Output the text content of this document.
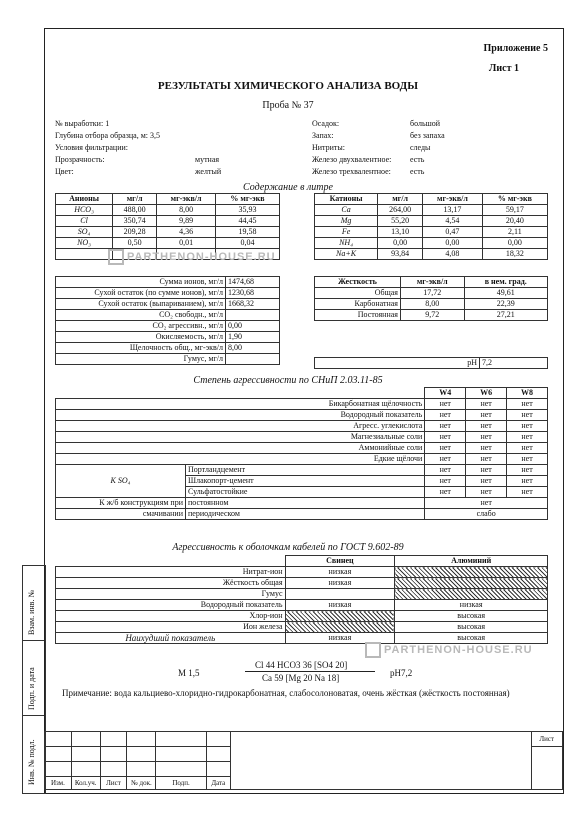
Взам. инв. №
Подп. и дата
Инв. № подл.
Приложение 5
Лист 1
РЕЗУЛЬТАТЫ ХИМИЧЕСКОГО АНАЛИЗА ВОДЫ
Проба № 37
№ выработки: 1
Глубина отбора образца, м: 3,5
Условия фильтрации:
Прозрачность:	мутная
Цвет:	желтый
Осадок:	большой
Запах:	без запаха
Нитриты:	следы
Железо двухвалентное: есть
Железо трехвалентное: есть
Содержание в литре
Анионы	мг/л	мг-экв/л	% мг-экв
HCO₃	488,00	8,00	35,93
Cl	350,74	9,89	44,45
SO₄	209,28	4,36	19,58
NO₃	0,50	0,01	0,04

Катионы	мг/л	мг-экв/л	% мг-экв
Ca	264,00	13,17	59,17
Mg	55,20	4,54	20,40
Fe	13,10	0,47	2,11
NH₄	0,00	0,00	0,00
Na+K	93,84	4,08	18,32
Сумма ионов, мг/л	1474,68
Сухой остаток (по сумме ионов), мг/л	1230,68
Сухой остаток (выпариванием), мг/л	1668,32
CO₂ свободн., мг/л	
CO₂ агрессивн., мг/л	0,00
Окисляемость, мг/л	1,90
Щелочность общ., мг-экв/л	8,00
Гумус, мг/л	
Жесткость	мг-экв/л	в нем. град.
Общая	17,72	49,61
Карбонатная	8,00	22,39
Постоянная	9,72	27,21
pH	7,2
Степень агрессивности по СНиП 2.03.11-85
		W4	W6	W8
Бикарбонатная щёлочность		нет	нет	нет
Водородный показатель		нет	нет	нет
Агресс. углекислота		нет	нет	нет
Магнезиальные соли		нет	нет	нет
Аммонийные соли		нет	нет	нет
Едкие щёлочи		нет	нет	нет
K SO₄	Портландцемент	нет	нет	нет
	Шлакопорт-цемент	нет	нет	нет
	Сульфатостойкие	нет	нет	нет
К ж/б конструкциям при	постоянном	нет		
смачивании	периодическом	слабо		
Агрессивность к оболочкам кабелей по ГОСТ 9.602-89
	Свинец	Алюминий
Нитрат-ион	низкая	
Жёсткость общая	низкая	
Гумус		
Водородный показатель	низкая	низкая
Хлор-ион		высокая
Ион железа		высокая
Наихудший показатель	низкая	высокая
M 1,5
Cl 44 HCO3 36 [SO4 20]
Ca 59 [Mg 20 Na 18]	pH7,2
Примечание: вода кальциево-хлоридно-гидрокарбонатная, слабосолоноватая, очень жёсткая (жёсткость постоянная)
							Лист

Изм.	Кол.уч.	Лист	№ док.	Подп.	Дата		
PARTHENON-HOUSE.RU
PARTHENON-HOUSE.RU
